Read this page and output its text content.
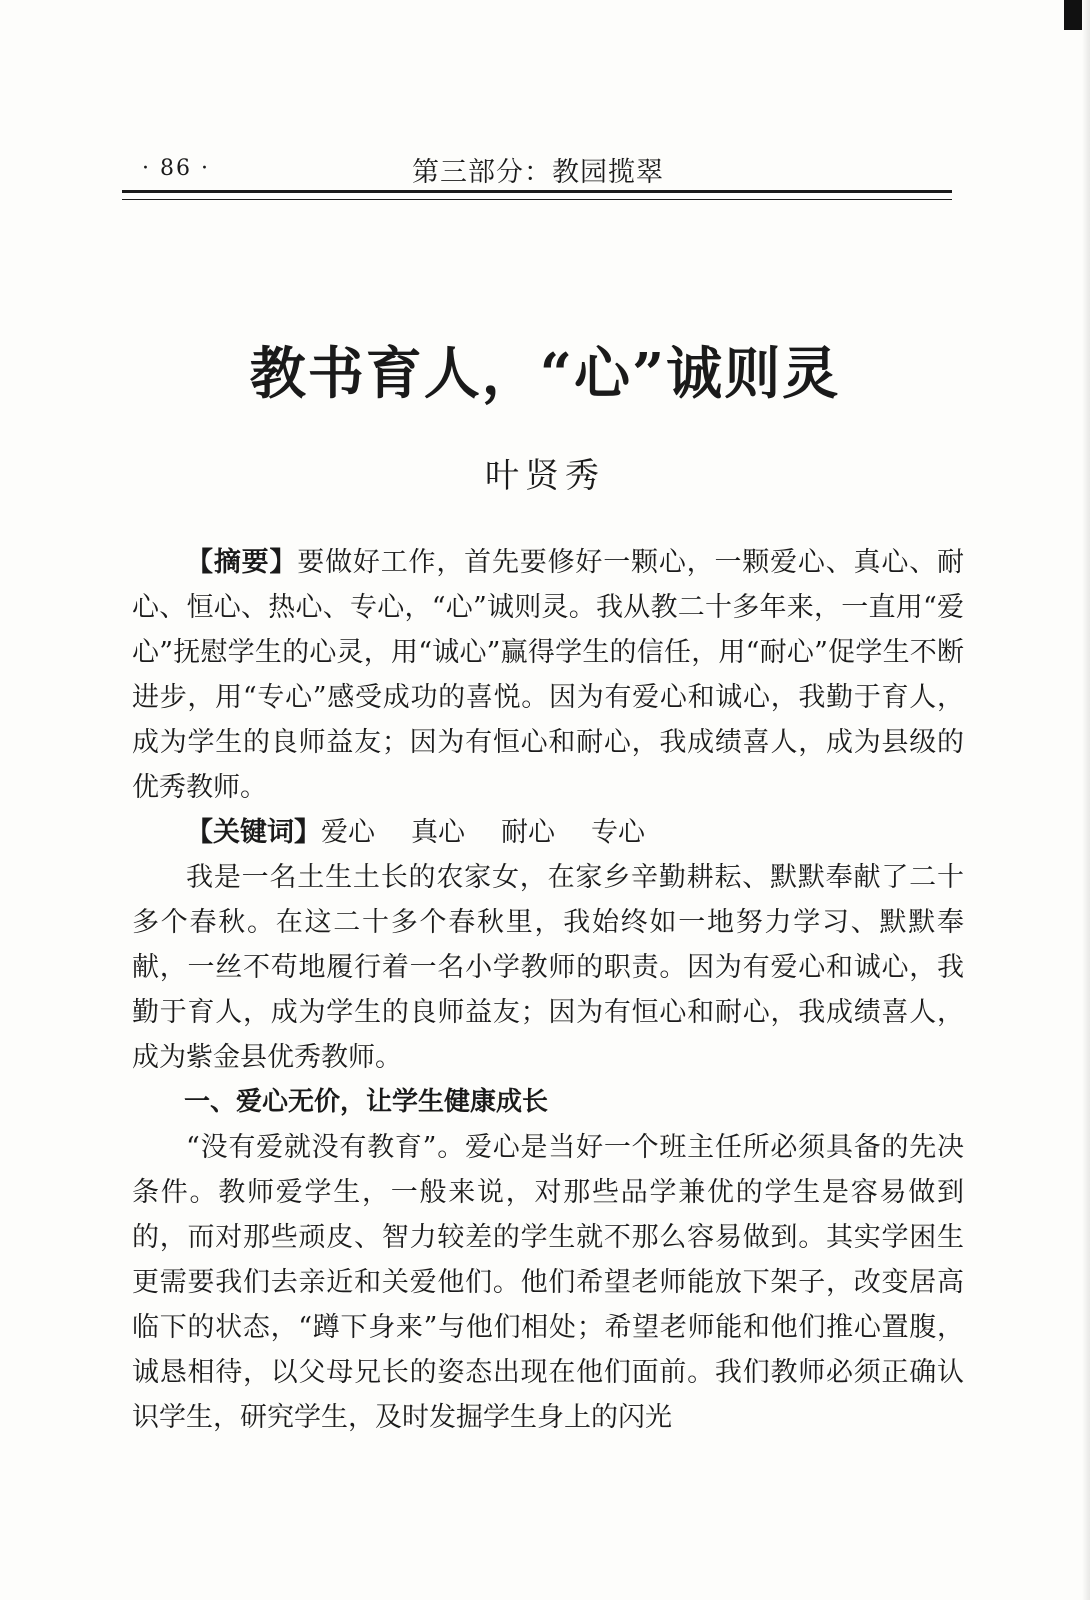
· 86 ·	第三部分：教园揽翠
教书育人，“心”诚则灵
叶贤秀

【摘要】要做好工作，首先要修好一颗心，一颗爱心、真心、耐心、恒心、热心、专心，“心”诚则灵。我从教二十多年来，一直用“爱心”抚慰学生的心灵，用“诚心”赢得学生的信任，用“耐心”促学生不断进步，用“专心”感受成功的喜悦。因为有爱心和诚心，我勤于育人，成为学生的良师益友；因为有恒心和耐心，我成绩喜人，成为县级的优秀教师。

【关键词】爱心 真心 耐心 专心

我是一名土生土长的农家女，在家乡辛勤耕耘、默默奉献了二十多个春秋。在这二十多个春秋里，我始终如一地努力学习、默默奉献，一丝不苟地履行着一名小学教师的职责。因为有爱心和诚心，我勤于育人，成为学生的良师益友；因为有恒心和耐心，我成绩喜人，成为紫金县优秀教师。

一、爱心无价，让学生健康成长

“没有爱就没有教育”。爱心是当好一个班主任所必须具备的先决条件。教师爱学生，一般来说，对那些品学兼优的学生是容易做到的，而对那些顽皮、智力较差的学生就不那么容易做到。其实学困生更需要我们去亲近和关爱他们。他们希望老师能放下架子，改变居高临下的状态，“蹲下身来”与他们相处；希望老师能和他们推心置腹，诚恳相待，以父母兄长的姿态出现在他们面前。我们教师必须正确认识学生，研究学生，及时发掘学生身上的闪光
